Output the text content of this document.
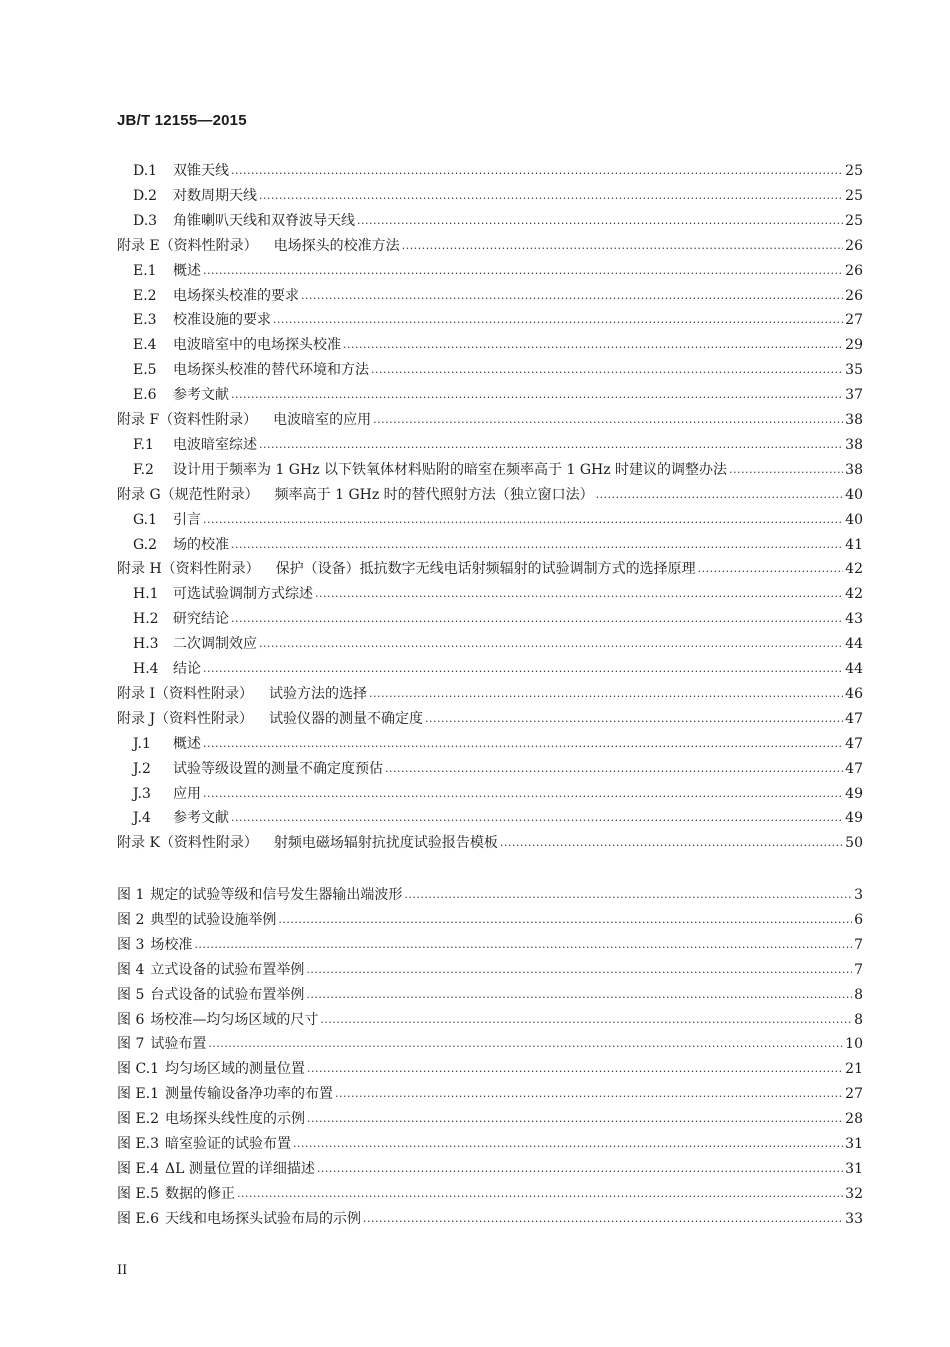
JB/T 12155—2015
D.1	双锥天线 .....	25
D.2	对数周期天线 .....	25
D.3	角锥喇叭天线和双脊波导天线 .....	25
附录 E（资料性附录） 电场探头的校准方法 .....	26
E.1	概述 .....	26
E.2	电场探头校准的要求 .....	26
E.3	校准设施的要求 .....	27
E.4	电波暗室中的电场探头校准 .....	29
E.5	电场探头校准的替代环境和方法 .....	35
E.6	参考文献 .....	37
附录 F（资料性附录） 电波暗室的应用 .....	38
F.1	电波暗室综述 .....	38
F.2	设计用于频率为 1 GHz 以下铁氧体材料贴附的暗室在频率高于 1 GHz 时建议的调整办法 .....	38
附录 G（规范性附录） 频率高于 1 GHz 时的替代照射方法（独立窗口法） .....	40
G.1	引言 .....	40
G.2	场的校准 .....	41
附录 H（资料性附录） 保护（设备）抵抗数字无线电话射频辐射的试验调制方式的选择原理 .....	42
H.1	可选试验调制方式综述 .....	42
H.2	研究结论 .....	43
H.3	二次调制效应 .....	44
H.4	结论 .....	44
附录 I（资料性附录） 试验方法的选择 .....	46
附录 J（资料性附录） 试验仪器的测量不确定度 .....	47
J.1	概述 .....	47
J.2	试验等级设置的测量不确定度预估 .....	47
J.3	应用 .....	49
J.4	参考文献 .....	49
附录 K（资料性附录） 射频电磁场辐射抗扰度试验报告模板 .....	50
图 1 规定的试验等级和信号发生器输出端波形 .....	3
图 2 典型的试验设施举例 .....	6
图 3 场校准 .....	7
图 4 立式设备的试验布置举例 .....	7
图 5 台式设备的试验布置举例 .....	8
图 6 场校准—均匀场区域的尺寸 .....	8
图 7 试验布置 .....	10
图 C.1 均匀场区域的测量位置 .....	21
图 E.1 测量传输设备净功率的布置 .....	27
图 E.2 电场探头线性度的示例 .....	28
图 E.3 暗室验证的试验布置 .....	31
图 E.4 ΔL 测量位置的详细描述 .....	31
图 E.5 数据的修正 .....	32
图 E.6 天线和电场探头试验布局的示例 .....	33
II
